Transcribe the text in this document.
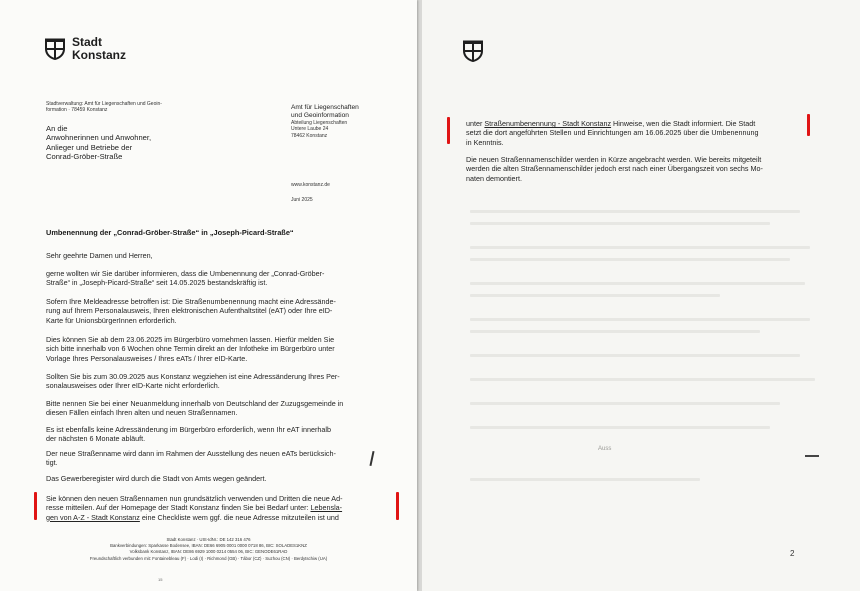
Stadt
Konstanz
Stadtverwaltung: Amt für Liegenschaften und Geoin-
formation · 78459 Konstanz
An die
Anwohnerinnen und Anwohner,
Anlieger und Betriebe der
Conrad-Gröber-Straße
Amt für Liegenschaften
und Geoinformation
Abteilung Liegenschaften
Untere Laube 24
78462 Konstanz
www.konstanz.de
Juni 2025
Umbenennung der „Conrad-Gröber-Straße“ in „Joseph-Picard-Straße“
Sehr geehrte Damen und Herren,
gerne wollten wir Sie darüber informieren, dass die Umbenennung der „Conrad-Gröber-
Straße“ in „Joseph-Picard-Straße“ seit 14.05.2025 bestandskräftig ist.
Sofern Ihre Meldeadresse betroffen ist: Die Straßenumbenennung macht eine Adressände-
rung auf Ihrem Personalausweis, Ihren elektronischen Aufenthaltstitel (eAT) oder Ihre eID-
Karte für UnionsbürgerInnen erforderlich.
Dies können Sie ab dem 23.06.2025 im Bürgerbüro vornehmen lassen. Hierfür melden Sie
sich bitte innerhalb von 6 Wochen ohne Termin direkt an der Infotheke im Bürgerbüro unter
Vorlage Ihres Personalausweises / Ihres eATs / Ihrer eID-Karte.
Sollten Sie bis zum 30.09.2025 aus Konstanz wegziehen ist eine Adressänderung Ihres Per-
sonalausweises oder Ihrer eID-Karte nicht erforderlich.
Bitte nennen Sie bei einer Neuanmeldung innerhalb von Deutschland der Zuzugsgemeinde in
diesen Fällen einfach Ihren alten und neuen Straßennamen.
Es ist ebenfalls keine Adressänderung im Bürgerbüro erforderlich, wenn Ihr eAT innerhalb
der nächsten 6 Monate abläuft.
Der neue Straßenname wird dann im Rahmen der Ausstellung des neuen eATs berücksich-
tigt.
Das Gewerberegister wird durch die Stadt von Amts wegen geändert.
Sie können den neuen Straßennamen nun grundsätzlich verwenden und Dritten die neue Ad-
resse mitteilen. Auf der Homepage der Stadt Konstanz finden Sie bei Bedarf unter: Lebensla-
gen von A-Z - Stadt Konstanz eine Checkliste wem ggf. die neue Adresse mitzuteilen ist und
Stadt Konstanz · USt-IdNr.: DE 142 316 476
Bankverbindungen: Sparkasse Bodensee, IBAN: DE66 6905 0001 0000 0718 86, BIC: SOLADES1KNZ
Volksbank Konstanz, IBAN: DE86 6929 1000 0214 0554 06, BIC: GENODE61RAD
Freundschaftlich verbunden mit: Fontainebleau (F) · Lodi (I) · Richmond (GB) · Tábor (CZ) · Suzhou (CN) · Berdytschiw (UA)
15
unter Straßenumbenennung - Stadt Konstanz Hinweise, wen die Stadt informiert. Die Stadt
setzt die dort angeführten Stellen und Einrichtungen am 16.06.2025 über die Umbenennung
in Kenntnis.
Die neuen Straßennamenschilder werden in Kürze angebracht werden. Wie bereits mitgeteilt
werden die alten Straßennamenschilder jedoch erst nach einer Übergangszeit von sechs Mo-
naten demontiert.
Auss
2
